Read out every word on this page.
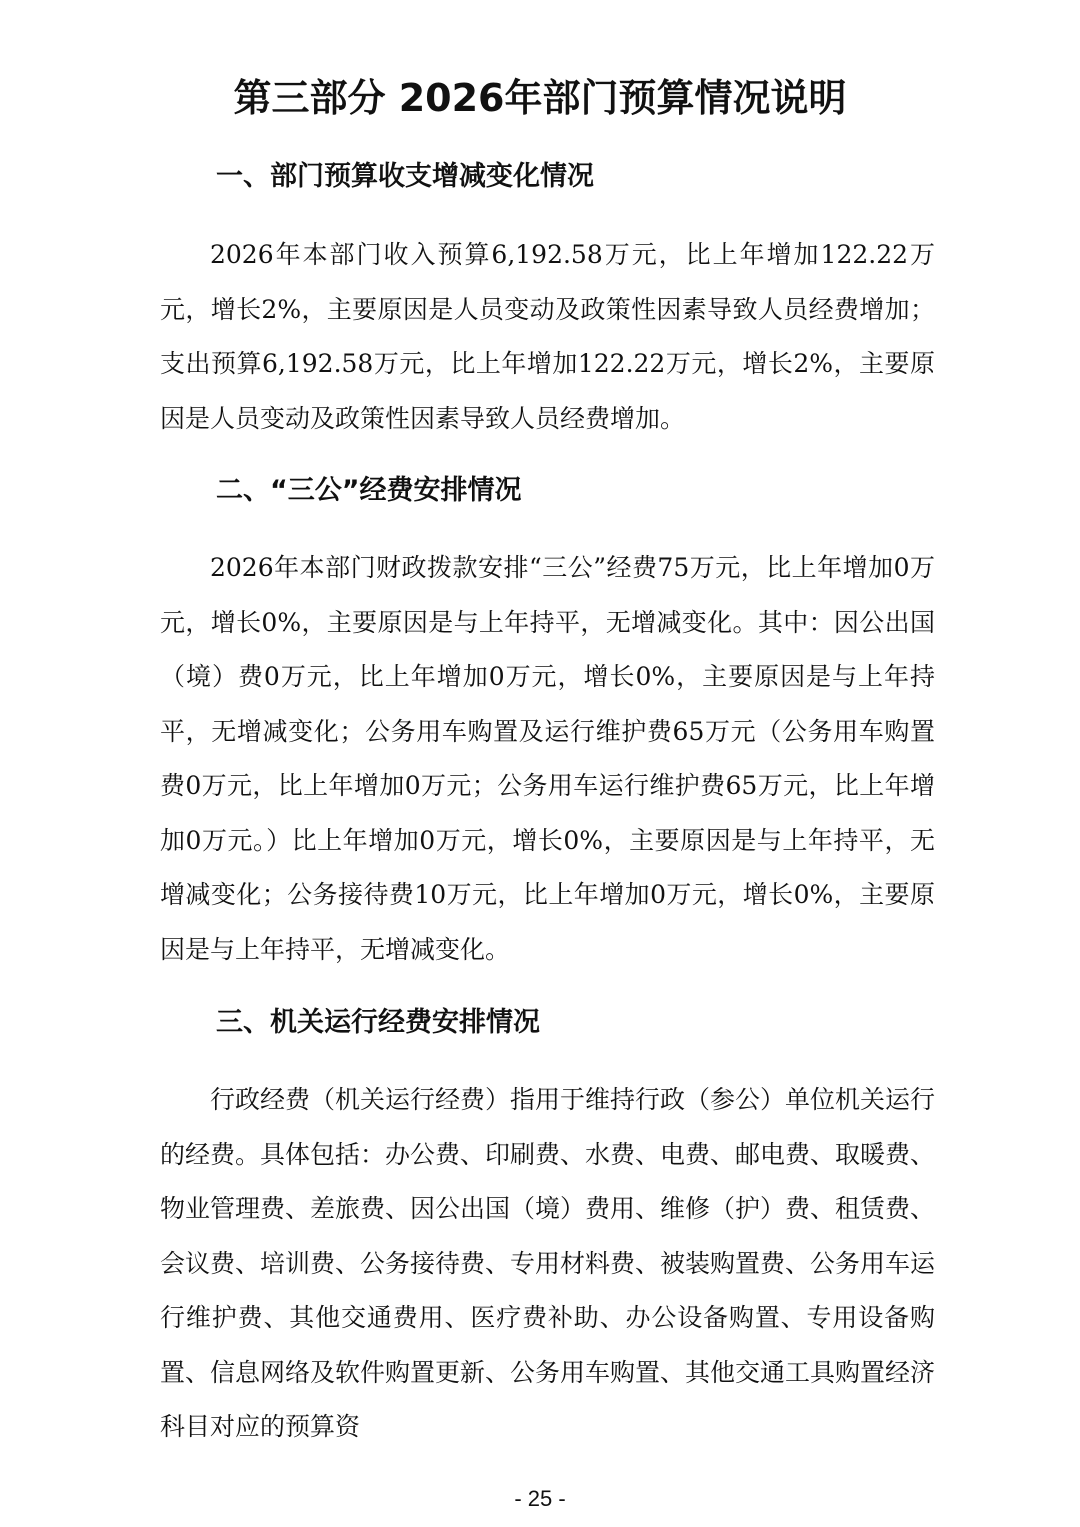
第三部分 2026年部门预算情况说明
一、部门预算收支增减变化情况

2026年本部门收入预算6,192.58万元，比上年增加122.22万元，增长2%，主要原因是人员变动及政策性因素导致人员经费增加；支出预算6,192.58万元，比上年增加122.22万元，增长2%，主要原因是人员变动及政策性因素导致人员经费增加。

二、“三公”经费安排情况

2026年本部门财政拨款安排“三公”经费75万元，比上年增加0万元，增长0%，主要原因是与上年持平，无增减变化。其中：因公出国（境）费0万元，比上年增加0万元，增长0%，主要原因是与上年持平，无增减变化；公务用车购置及运行维护费65万元（公务用车购置费0万元，比上年增加0万元；公务用车运行维护费65万元，比上年增加0万元。）比上年增加0万元，增长0%，主要原因是与上年持平，无增减变化；公务接待费10万元，比上年增加0万元，增长0%，主要原因是与上年持平，无增减变化。

三、机关运行经费安排情况

行政经费（机关运行经费）指用于维持行政（参公）单位机关运行的经费。具体包括：办公费、印刷费、水费、电费、邮电费、取暖费、物业管理费、差旅费、因公出国（境）费用、维修（护）费、租赁费、会议费、培训费、公务接待费、专用材料费、被装购置费、公务用车运行维护费、其他交通费用、医疗费补助、办公设备购置、专用设备购置、信息网络及软件购置更新、公务用车购置、其他交通工具购置经济科目对应的预算资

- 25 -
